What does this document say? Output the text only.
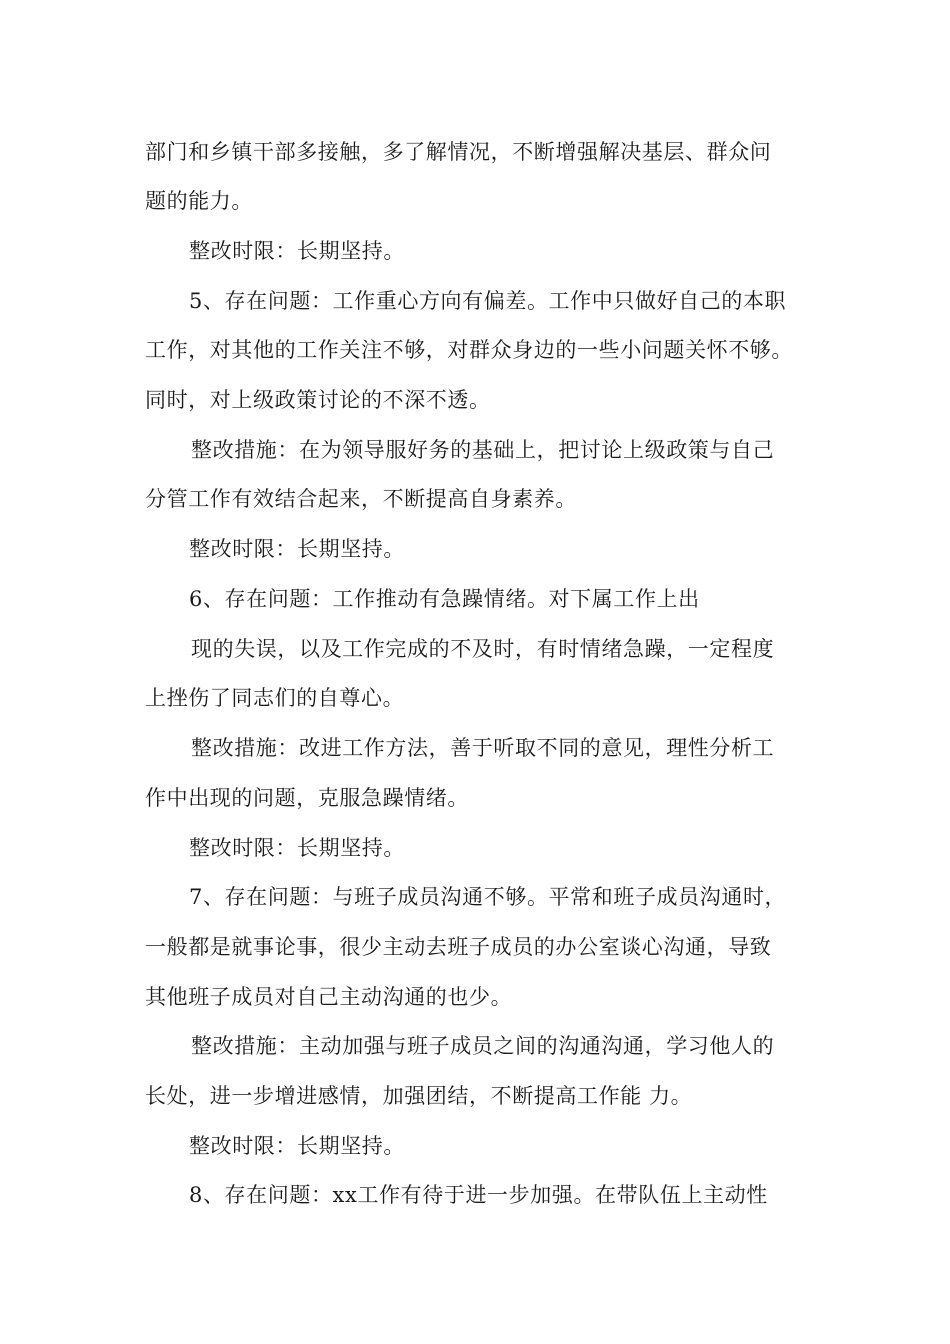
部门和乡镇干部多接触，多了解情况，不断增强解决基层、群众问
题的能力。
整改时限：长期坚持。
5、存在问题：工作重心方向有偏差。工作中只做好自己的本职
工作，对其他的工作关注不够，对群众身边的一些小问题关怀不够。
同时，对上级政策讨论的不深不透。
整改措施：在为领导服好务的基础上，把讨论上级政策与自己
分管工作有效结合起来，不断提高自身素养。
整改时限：长期坚持。
6、存在问题：工作推动有急躁情绪。对下属工作上出
现的失误，以及工作完成的不及时，有时情绪急躁，一定程度
上挫伤了同志们的自尊心。
整改措施：改进工作方法，善于听取不同的意见，理性分析工
作中出现的问题，克服急躁情绪。
整改时限：长期坚持。
7、存在问题：与班子成员沟通不够。平常和班子成员沟通时，
一般都是就事论事，很少主动去班子成员的办公室谈心沟通，导致
其他班子成员对自己主动沟通的也少。
整改措施：主动加强与班子成员之间的沟通沟通，学习他人的
长处，进一步增进感情，加强团结，不断提高工作能 力。
整改时限：长期坚持。
8、存在问题：xx工作有待于进一步加强。在带队伍上主动性
